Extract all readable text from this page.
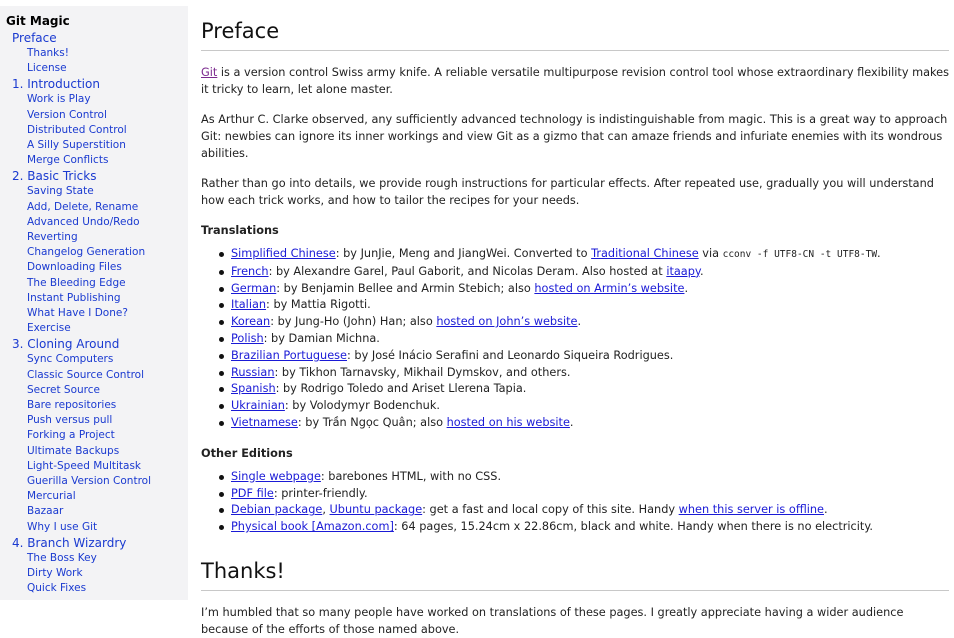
Git Magic
Preface
Thanks!
License
1. Introduction
Work is Play
Version Control
Distributed Control
A Silly Superstition
Merge Conflicts
2. Basic Tricks
Saving State
Add, Delete, Rename
Advanced Undo/Redo
Reverting
Changelog Generation
Downloading Files
The Bleeding Edge
Instant Publishing
What Have I Done?
Exercise
3. Cloning Around
Sync Computers
Classic Source Control
Secret Source
Bare repositories
Push versus pull
Forking a Project
Ultimate Backups
Light-Speed Multitask
Guerilla Version Control
Mercurial
Bazaar
Why I use Git
4. Branch Wizardry
The Boss Key
Dirty Work
Quick Fixes
Preface

Git is a version control Swiss army knife. A reliable versatile multipurpose revision control tool whose extraordinary flexibility makes it tricky to learn, let alone master.

As Arthur C. Clarke observed, any sufficiently advanced technology is indistinguishable from magic. This is a great way to approach Git: newbies can ignore its inner workings and view Git as a gizmo that can amaze friends and infuriate enemies with its wondrous abilities.

Rather than go into details, we provide rough instructions for particular effects. After repeated use, gradually you will understand how each trick works, and how to tailor the recipes for your needs.

Translations
Simplified Chinese: by JunJie, Meng and JiangWei. Converted to Traditional Chinese via cconv -f UTF8-CN -t UTF8-TW.
French: by Alexandre Garel, Paul Gaborit, and Nicolas Deram. Also hosted at itaapy.
German: by Benjamin Bellee and Armin Stebich; also hosted on Armin’s website.
Italian: by Mattia Rigotti.
Korean: by Jung-Ho (John) Han; also hosted on John’s website.
Polish: by Damian Michna.
Brazilian Portuguese: by José Inácio Serafini and Leonardo Siqueira Rodrigues.
Russian: by Tikhon Tarnavsky, Mikhail Dymskov, and others.
Spanish: by Rodrigo Toledo and Ariset Llerena Tapia.
Ukrainian: by Volodymyr Bodenchuk.
Vietnamese: by Trần Ngọc Quân; also hosted on his website.
Other Editions
Single webpage: barebones HTML, with no CSS.
PDF file: printer-friendly.
Debian package, Ubuntu package: get a fast and local copy of this site. Handy when this server is offline.
Physical book [Amazon.com]: 64 pages, 15.24cm x 22.86cm, black and white. Handy when there is no electricity.
Thanks!

I’m humbled that so many people have worked on translations of these pages. I greatly appreciate having a wider audience because of the efforts of those named above.
